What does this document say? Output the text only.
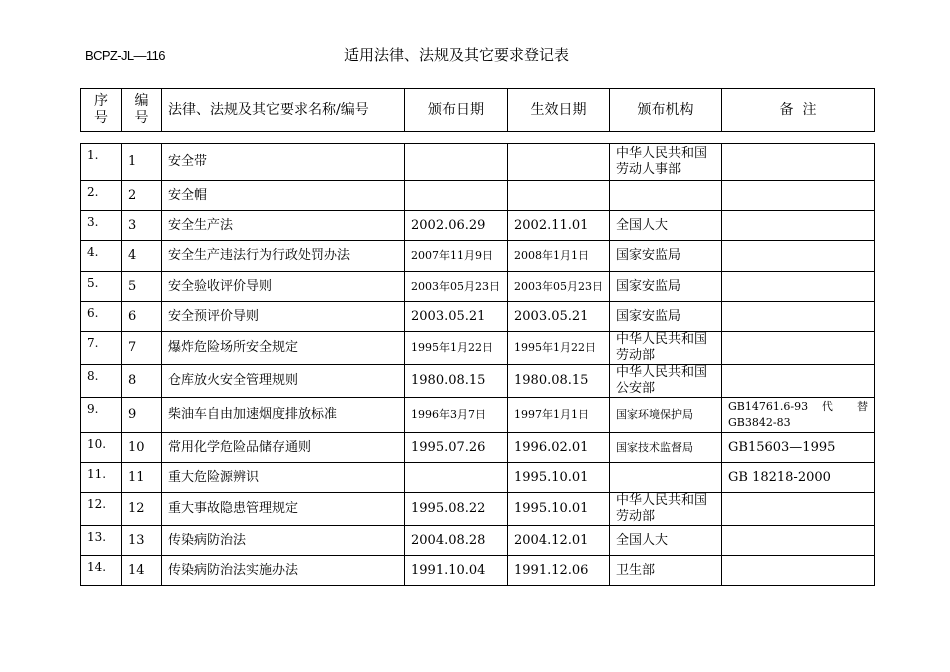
BCPZ-JL—116	适用法律、法规及其它要求登记表
序
号	编
号	法律、法规及其它要求名称/编号	颁布日期	生效日期	颁布机构	备  注
1.	1	安全带			中华人民共和国劳动人事部	
2.	2	安全帽				
3.	3	安全生产法	2002.06.29	2002.11.01	全国人大	
4.	4	安全生产违法行为行政处罚办法	2007年11月9日	2008年1月1日	国家安监局	
5.	5	安全验收评价导则	2003年05月23日	2003年05月23日	国家安监局	
6.	6	安全预评价导则	2003.05.21	2003.05.21	国家安监局	
7.	7	爆炸危险场所安全规定	1995年1月22日	1995年1月22日	中华人民共和国劳动部	
8.	8	仓库放火安全管理规则	1980.08.15	1980.08.15	中华人民共和国公安部	
9.	9	柴油车自由加速烟度排放标准	1996年3月7日	1997年1月1日	国家环境保护局	GB14761.6-93 代 替 GB3842-83
10.	10	常用化学危险品储存通则	1995.07.26	1996.02.01	国家技术监督局	GB15603—1995
11.	11	重大危险源辨识		1995.10.01		GB 18218-2000
12.	12	重大事故隐患管理规定	1995.08.22	1995.10.01	中华人民共和国劳动部	
13.	13	传染病防治法	2004.08.28	2004.12.01	全国人大	
14.	14	传染病防治法实施办法	1991.10.04	1991.12.06	卫生部	
